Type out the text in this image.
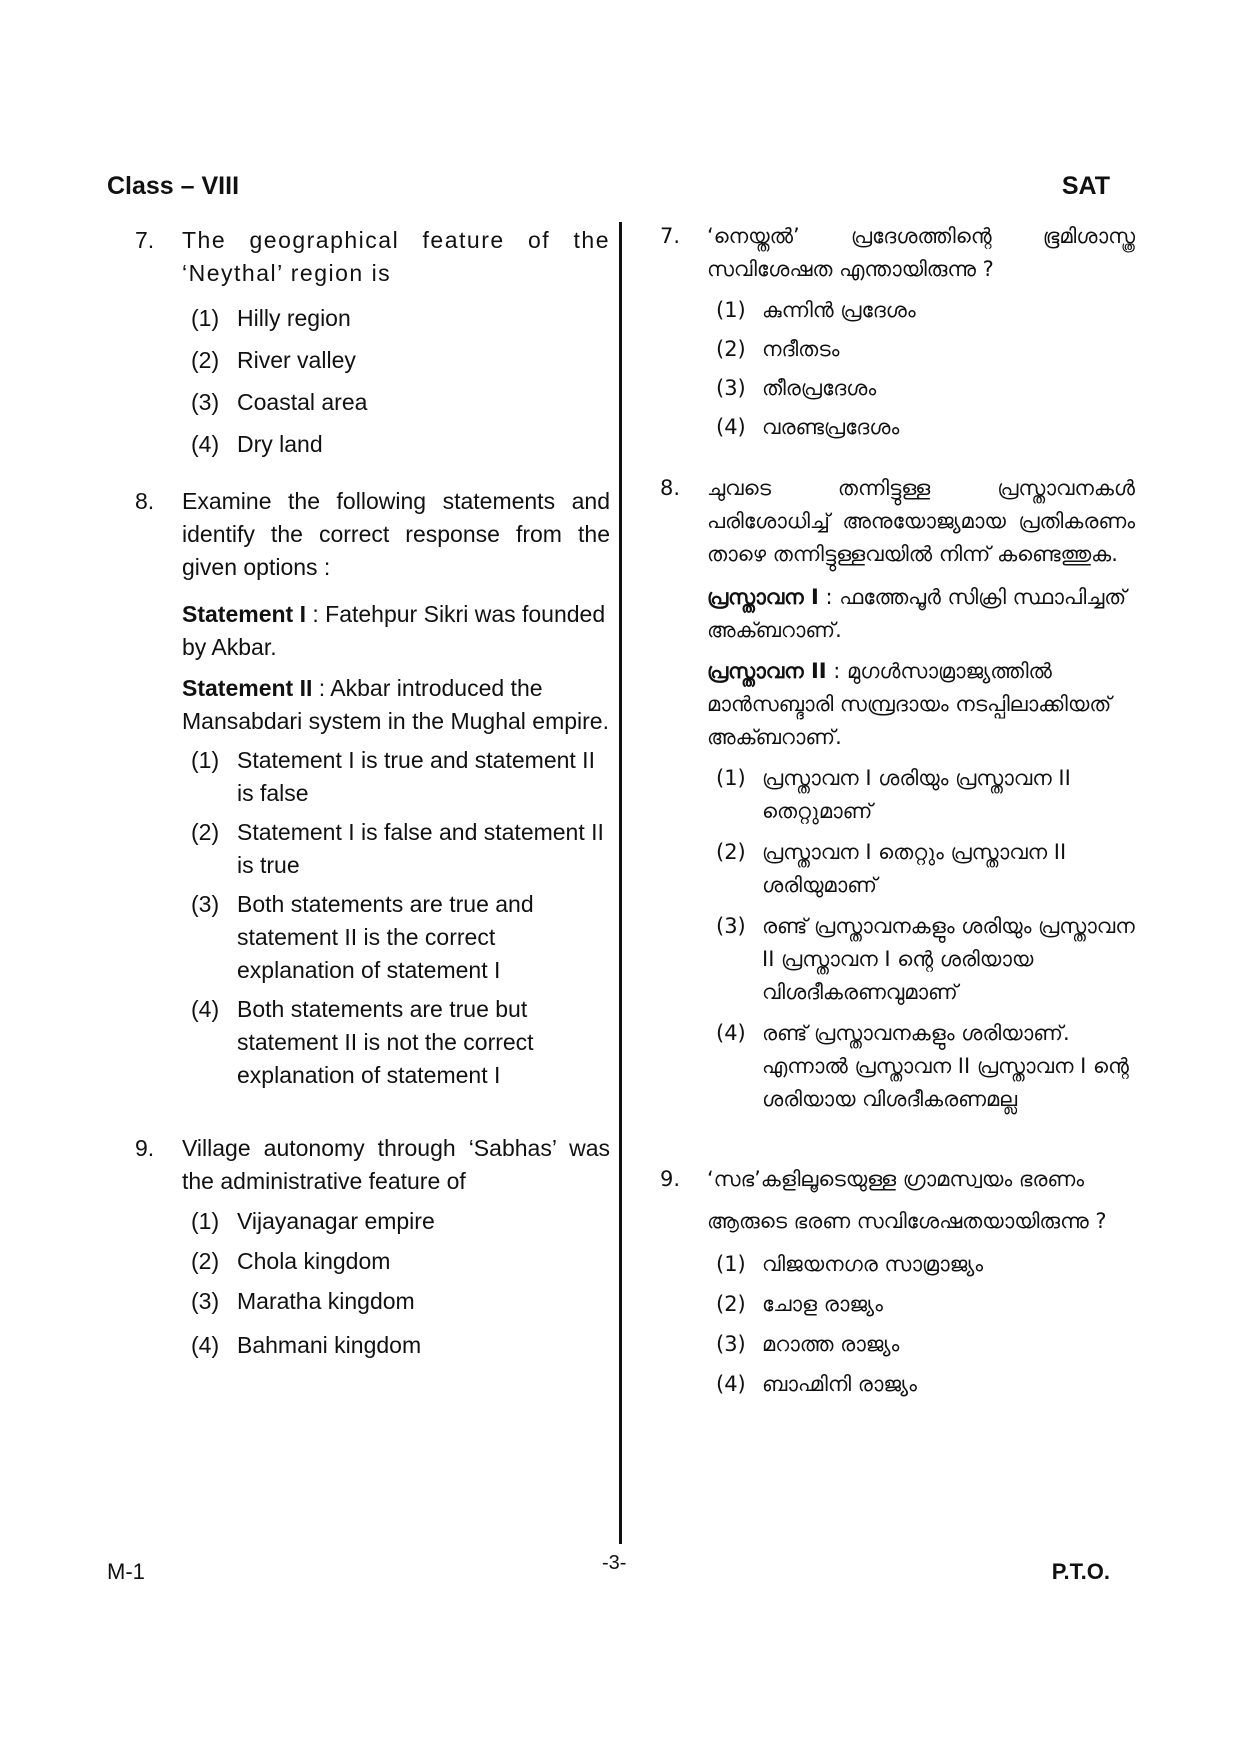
Class – VIII	SAT
7. The geographical feature of the ‘Neythal’ region is
(1) Hilly region
(2) River valley
(3) Coastal area
(4) Dry land
8. Examine the following statements and identify the correct response from the given options :
Statement I : Fatehpur Sikri was founded by Akbar.
Statement II : Akbar introduced the Mansabdari system in the Mughal empire.
(1) Statement I is true and statement II is false
(2) Statement I is false and statement II is true
(3) Both statements are true and statement II is the correct explanation of statement I
(4) Both statements are true but statement II is not the correct explanation of statement I
9. Village autonomy through ‘Sabhas’ was the administrative feature of
(1) Vijayanagar empire
(2) Chola kingdom
(3) Maratha kingdom
(4) Bahmani kingdom
7. ‘നെയ്തൽ’ പ്രദേശത്തിന്റെ ഭൂമിശാസ്ത്ര സവിശേഷത എന്തായിരുന്നു ?
(1) കുന്നിൻ പ്രദേശം
(2) നദീതടം
(3) തീരപ്രദേശം
(4) വരണ്ടപ്രദേശം
8. ചുവടെ തന്നിട്ടുള്ള പ്രസ്താവനകൾ പരിശോധിച്ച് അനുയോജ്യമായ പ്രതികരണം താഴെ തന്നിട്ടുള്ളവയിൽ നിന്ന് കണ്ടെത്തുക.
പ്രസ്താവന I : ഫത്തേപൂർ സിക്രി സ്ഥാപിച്ചത് അക്ബറാണ്.
പ്രസ്താവന II : മുഗൾസാമ്രാജ്യത്തിൽ മാൻസബ്ദാരി സമ്പ്രദായം നടപ്പിലാക്കിയത് അക്ബറാണ്.
(1) പ്രസ്താവന I ശരിയും പ്രസ്താവന II തെറ്റുമാണ്
(2) പ്രസ്താവന I തെറ്റും പ്രസ്താവന II ശരിയുമാണ്
(3) രണ്ട് പ്രസ്താവനകളും ശരിയും പ്രസ്താവന II പ്രസ്താവന I ന്റെ ശരിയായ വിശദീകരണവുമാണ്
(4) രണ്ട് പ്രസ്താവനകളും ശരിയാണ്. എന്നാൽ പ്രസ്താവന II പ്രസ്താവന I ന്റെ ശരിയായ വിശദീകരണമല്ല
9. ‘സഭ’കളിലൂടെയുള്ള ഗ്രാമസ്വയം ഭരണം ആരുടെ ഭരണ സവിശേഷതയായിരുന്നു ?
(1) വിജയനഗര സാമ്രാജ്യം
(2) ചോള രാജ്യം
(3) മറാത്ത രാജ്യം
(4) ബാഹ്മിനി രാജ്യം
M-1	-3-	P.T.O.
